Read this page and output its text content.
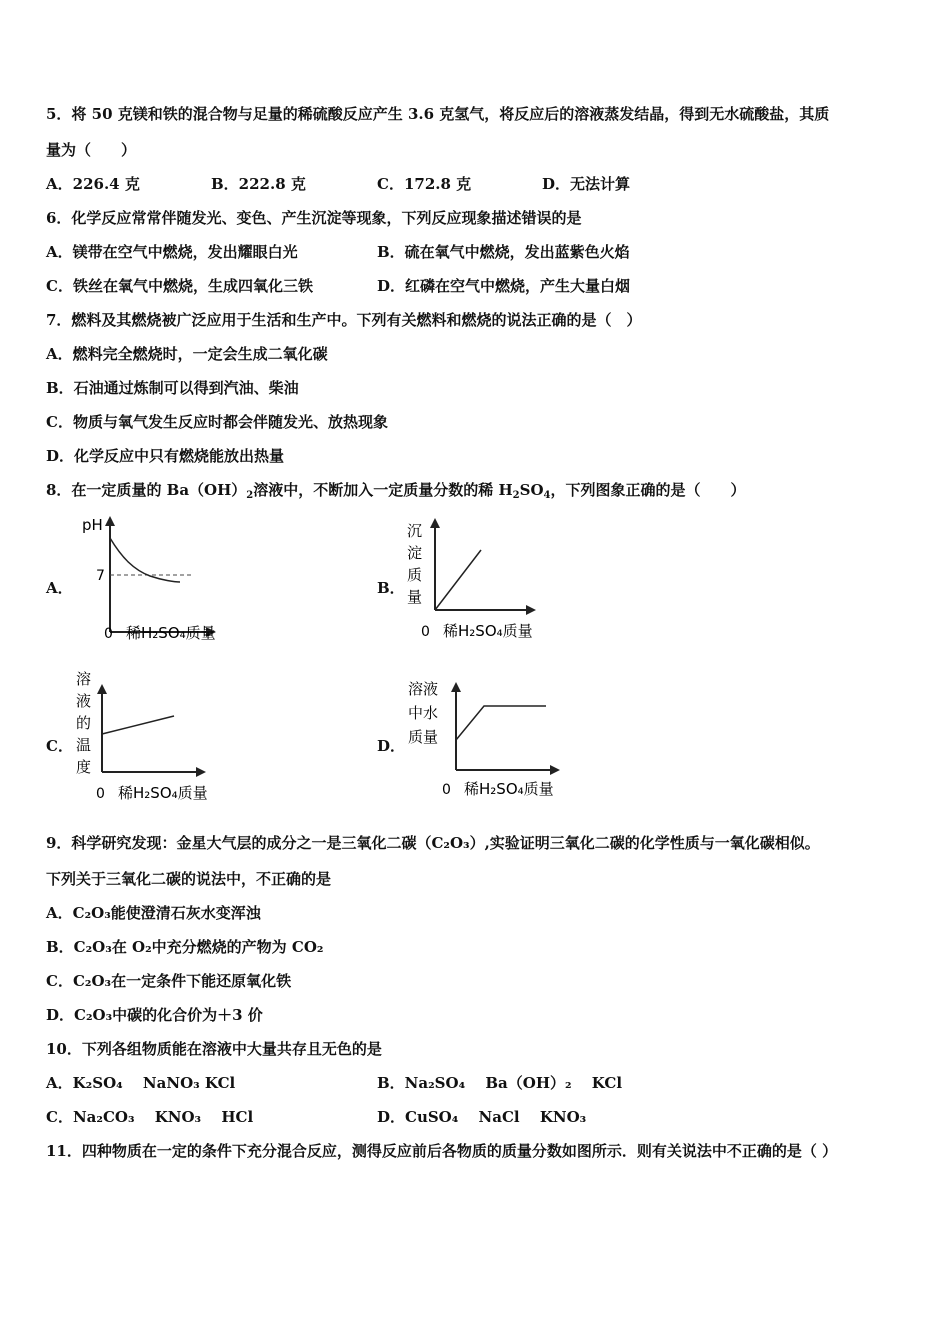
5．将 50 克镁和铁的混合物与足量的稀硫酸反应产生 3.6 克氢气，将反应后的溶液蒸发结晶，得到无水硫酸盐，其质
量为（　　）
A．226.4 克	B．222.8 克	C．172.8 克	D．无法计算
6．化学反应常常伴随发光、变色、产生沉淀等现象，下列反应现象描述错误的是
A．镁带在空气中燃烧，发出耀眼白光	B．硫在氧气中燃烧，发出蓝紫色火焰
C．铁丝在氧气中燃烧，生成四氧化三铁	D．红磷在空气中燃烧，产生大量白烟
7．燃料及其燃烧被广泛应用于生活和生产中。下列有关燃料和燃烧的说法正确的是（　）
A．燃料完全燃烧时，一定会生成二氧化碳
B．石油通过炼制可以得到汽油、柴油
C．物质与氧气发生反应时都会伴随发光、放热现象
D．化学反应中只有燃烧能放出热量
8．在一定质量的 $Ba(OH)_2$溶液中，不断加入一定质量分数的稀 $H_2SO_4$，下列图象正确的是（　　）
A．	B．
C．	D．
pH
7
0 稀H₂SO₄质量
沉
淀
质
量
0 稀H₂SO₄质量
溶
液
的
温
度
0 稀H₂SO₄质量
溶液
中水
质量
0 稀H₂SO₄质量
9．科学研究发现：金星大气层的成分之一是三氧化二碳（C₂O₃）,实验证明三氧化二碳的化学性质与一氧化碳相似。
下列关于三氧化二碳的说法中，不正确的是
A．C₂O₃能使澄清石灰水变浑浊
B．C₂O₃在 O₂中充分燃烧的产物为 CO₂
C．C₂O₃在一定条件下能还原氧化铁
D．C₂O₃中碳的化合价为＋3 价
10．下列各组物质能在溶液中大量共存且无色的是
A．K₂SO₄　 NaNO₃ KCl	B．Na₂SO₄　 Ba（OH）₂　 KCl
C．Na₂CO₃　 KNO₃　 HCl	D．CuSO₄　 NaCl　 KNO₃
11．四种物质在一定的条件下充分混合反应，测得反应前后各物质的质量分数如图所示．则有关说法中不正确的是（ ）
